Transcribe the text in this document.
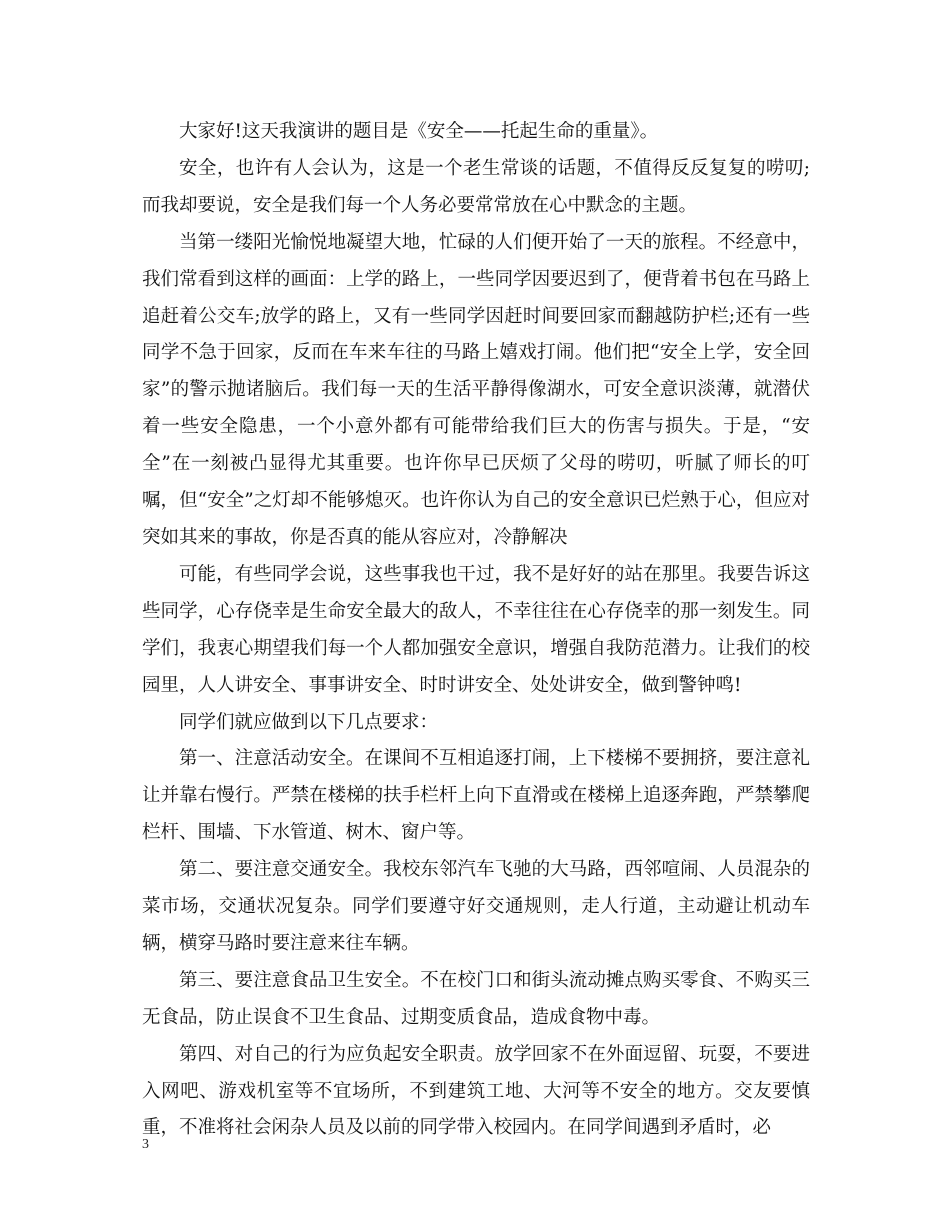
大家好!这天我演讲的题目是《安全——托起生命的重量》。

安全，也许有人会认为，这是一个老生常谈的话题，不值得反反复复的唠叨;而我却要说，安全是我们每一个人务必要常常放在心中默念的主题。

当第一缕阳光愉悦地凝望大地，忙碌的人们便开始了一天的旅程。不经意中，我们常看到这样的画面：上学的路上，一些同学因要迟到了，便背着书包在马路上追赶着公交车;放学的路上，又有一些同学因赶时间要回家而翻越防护栏;还有一些同学不急于回家，反而在车来车往的马路上嬉戏打闹。他们把“安全上学，安全回家”的警示抛诸脑后。我们每一天的生活平静得像湖水，可安全意识淡薄，就潜伏着一些安全隐患，一个小意外都有可能带给我们巨大的伤害与损失。于是，“安全”在一刻被凸显得尤其重要。也许你早已厌烦了父母的唠叨，听腻了师长的叮嘱，但“安全”之灯却不能够熄灭。也许你认为自己的安全意识已烂熟于心，但应对突如其来的事故，你是否真的能从容应对，冷静解决

可能，有些同学会说，这些事我也干过，我不是好好的站在那里。我要告诉这些同学，心存侥幸是生命安全最大的敌人，不幸往往在心存侥幸的那一刻发生。同学们，我衷心期望我们每一个人都加强安全意识，增强自我防范潜力。让我们的校园里，人人讲安全、事事讲安全、时时讲安全、处处讲安全，做到警钟鸣!

同学们就应做到以下几点要求：

第一、注意活动安全。在课间不互相追逐打闹，上下楼梯不要拥挤，要注意礼让并靠右慢行。严禁在楼梯的扶手栏杆上向下直滑或在楼梯上追逐奔跑，严禁攀爬栏杆、围墙、下水管道、树木、窗户等。

第二、要注意交通安全。我校东邻汽车飞驰的大马路，西邻喧闹、人员混杂的菜市场，交通状况复杂。同学们要遵守好交通规则，走人行道，主动避让机动车辆，横穿马路时要注意来往车辆。

第三、要注意食品卫生安全。不在校门口和街头流动摊点购买零食、不购买三无食品，防止误食不卫生食品、过期变质食品，造成食物中毒。

第四、对自己的行为应负起安全职责。放学回家不在外面逗留、玩耍，不要进入网吧、游戏机室等不宜场所，不到建筑工地、大河等不安全的地方。交友要慎重，不准将社会闲杂人员及以前的同学带入校园内。在同学间遇到矛盾时，必

3
